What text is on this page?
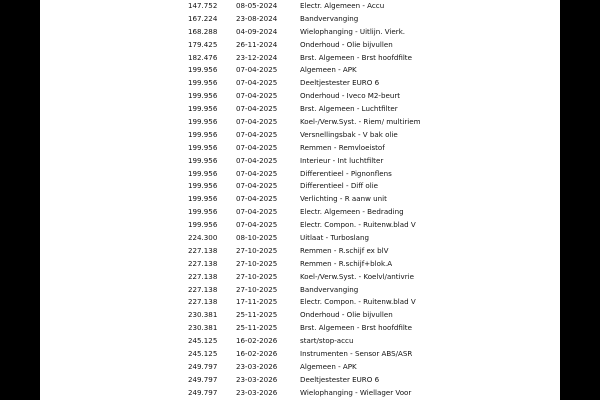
147.752	08-05-2024	Electr. Algemeen - Accu
167.224	23-08-2024	Bandvervanging
168.288	04-09-2024	Wielophanging - Uitlijn. Vierk.
179.425	26-11-2024	Onderhoud - Olie bijvullen
182.476	23-12-2024	Brst. Algemeen - Brst hoofdfilte
199.956	07-04-2025	Algemeen - APK
199.956	07-04-2025	Deeltjestester EURO 6
199.956	07-04-2025	Onderhoud - Iveco M2-beurt
199.956	07-04-2025	Brst. Algemeen - Luchtfilter
199.956	07-04-2025	Koel-/Verw.Syst. - Riem/ multiriem
199.956	07-04-2025	Versnellingsbak - V bak olie
199.956	07-04-2025	Remmen - Remvloeistof
199.956	07-04-2025	Interieur - Int luchtfilter
199.956	07-04-2025	Differentieel - Pignonflens
199.956	07-04-2025	Differentieel - Diff olie
199.956	07-04-2025	Verlichting - R aanw unit
199.956	07-04-2025	Electr. Algemeen - Bedrading
199.956	07-04-2025	Electr. Compon. - Ruitenw.blad V
224.300	08-10-2025	Uitlaat - Turboslang
227.138	27-10-2025	Remmen - R.schijf ex blV
227.138	27-10-2025	Remmen - R.schijf+blok.A
227.138	27-10-2025	Koel-/Verw.Syst. - Koelvl/antivrie
227.138	27-10-2025	Bandvervanging
227.138	17-11-2025	Electr. Compon. - Ruitenw.blad V
230.381	25-11-2025	Onderhoud - Olie bijvullen
230.381	25-11-2025	Brst. Algemeen - Brst hoofdfilte
245.125	16-02-2026	start/stop-accu
245.125	16-02-2026	Instrumenten - Sensor ABS/ASR
249.797	23-03-2026	Algemeen - APK
249.797	23-03-2026	Deeltjestester EURO 6
249.797	23-03-2026	Wielophanging - Wiellager Voor
